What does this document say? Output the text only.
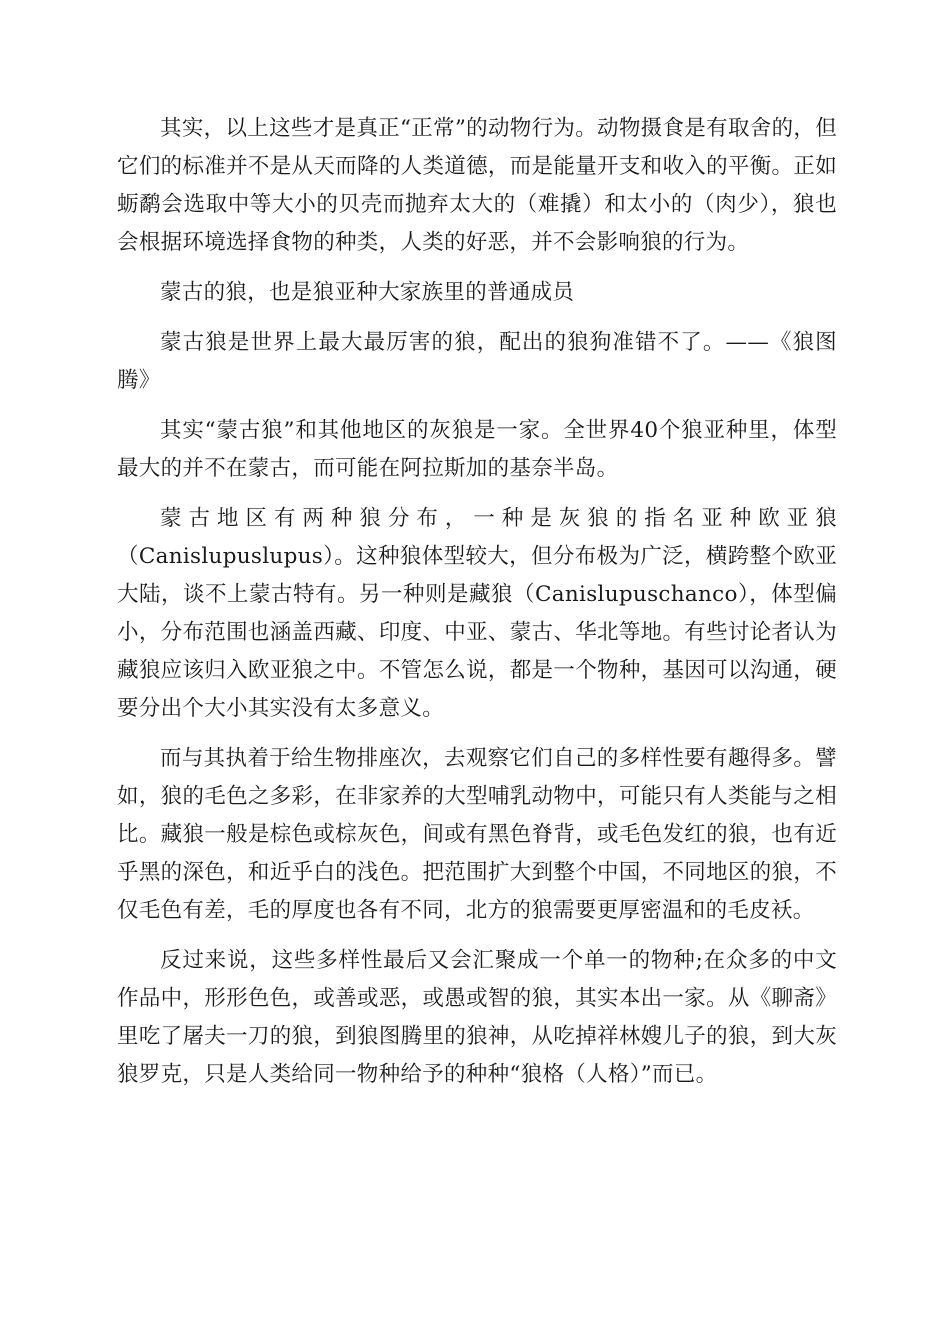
其实，以上这些才是真正“正常”的动物行为。动物摄食是有取舍的，但它们的标准并不是从天而降的人类道德，而是能量开支和收入的平衡。正如蛎鹬会选取中等大小的贝壳而抛弃太大的（难撬）和太小的（肉少），狼也会根据环境选择食物的种类，人类的好恶，并不会影响狼的行为。

蒙古的狼，也是狼亚种大家族里的普通成员

蒙古狼是世界上最大最厉害的狼，配出的狼狗准错不了。——《狼图腾》

其实“蒙古狼”和其他地区的灰狼是一家。全世界40个狼亚种里，体型最大的并不在蒙古，而可能在阿拉斯加的基奈半岛。

蒙古地区有两种狼分布，一种是灰狼的指名亚种欧亚狼（Canislupuslupus）。这种狼体型较大，但分布极为广泛，横跨整个欧亚大陆，谈不上蒙古特有。另一种则是藏狼（Canislupuschanco），体型偏小，分布范围也涵盖西藏、印度、中亚、蒙古、华北等地。有些讨论者认为藏狼应该归入欧亚狼之中。不管怎么说，都是一个物种，基因可以沟通，硬要分出个大小其实没有太多意义。

而与其执着于给生物排座次，去观察它们自己的多样性要有趣得多。譬如，狼的毛色之多彩，在非家养的大型哺乳动物中，可能只有人类能与之相比。藏狼一般是棕色或棕灰色，间或有黑色脊背，或毛色发红的狼，也有近乎黑的深色，和近乎白的浅色。把范围扩大到整个中国，不同地区的狼，不仅毛色有差，毛的厚度也各有不同，北方的狼需要更厚密温和的毛皮袄。

反过来说，这些多样性最后又会汇聚成一个单一的物种;在众多的中文作品中，形形色色，或善或恶，或愚或智的狼，其实本出一家。从《聊斋》里吃了屠夫一刀的狼，到狼图腾里的狼神，从吃掉祥林嫂儿子的狼，到大灰狼罗克，只是人类给同一物种给予的种种“狼格（人格）”而已。
